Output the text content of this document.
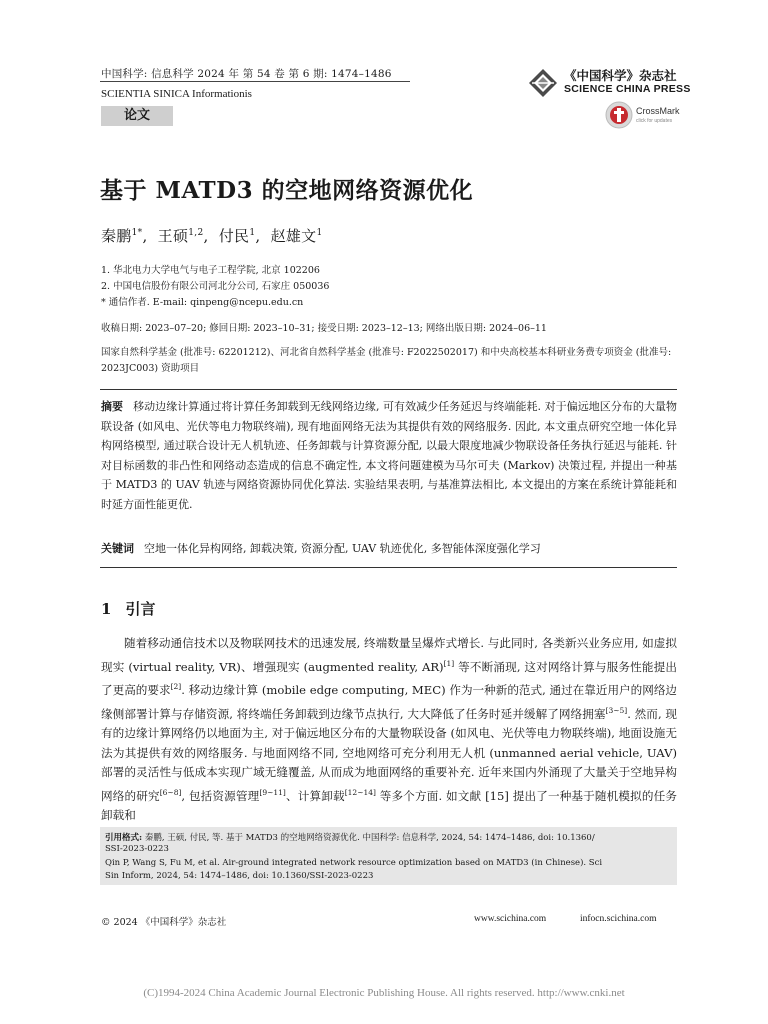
中国科学: 信息科学 2024 年 第 54 卷 第 6 期: 1474–1486
SCIENTIA SINICA Informationis
论文
《中国科学》杂志社
SCIENCE CHINA PRESS
CrossMark
click for updates
基于 MATD3 的空地网络资源优化
秦鹏$^{1*}$,  王硕$^{1,2}$,  付民$^1$,  赵雄文$^1$
1. 华北电力大学电气与电子工程学院, 北京 102206
2. 中国电信股份有限公司河北分公司, 石家庄 050036
* 通信作者. E-mail: qinpeng@ncepu.edu.cn
收稿日期: 2023–07–20; 修回日期: 2023–10–31; 接受日期: 2023–12–13; 网络出版日期: 2024–06–11
国家自然科学基金 (批准号: 62201212)、河北省自然科学基金 (批准号: F2022502017) 和中央高校基本科研业务费专项资金 (批准号: 2023JC003) 资助项目
摘要 移动边缘计算通过将计算任务卸载到无线网络边缘, 可有效减少任务延迟与终端能耗. 对于偏远地区分布的大量物联设备 (如风电、光伏等电力物联终端), 现有地面网络无法为其提供有效的网络服务. 因此, 本文重点研究空地一体化异构网络模型, 通过联合设计无人机轨迹、任务卸载与计算资源分配, 以最大限度地减少物联设备任务执行延迟与能耗. 针对目标函数的非凸性和网络动态造成的信息不确定性, 本文将问题建模为马尔可夫 (Markov) 决策过程, 并提出一种基于 MATD3 的 UAV 轨迹与网络资源协同优化算法. 实验结果表明, 与基准算法相比, 本文提出的方案在系统计算能耗和时延方面性能更优.
关键词 空地一体化异构网络, 卸载决策, 资源分配, UAV 轨迹优化, 多智能体深度强化学习
1 引言
随着移动通信技术以及物联网技术的迅速发展, 终端数量呈爆炸式增长. 与此同时, 各类新兴业务应用, 如虚拟现实 (virtual reality, VR)、增强现实 (augmented reality, AR)[1] 等不断涌现, 这对网络计算与服务性能提出了更高的要求[2]. 移动边缘计算 (mobile edge computing, MEC) 作为一种新的范式, 通过在靠近用户的网络边缘侧部署计算与存储资源, 将终端任务卸载到边缘节点执行, 大大降低了任务时延并缓解了网络拥塞[3~5]. 然而, 现有的边缘计算网络仍以地面为主, 对于偏远地区分布的大量物联设备 (如风电、光伏等电力物联终端), 地面设施无法为其提供有效的网络服务. 与地面网络不同, 空地网络可充分利用无人机 (unmanned aerial vehicle, UAV) 部署的灵活性与低成本实现广域无缝覆盖, 从而成为地面网络的重要补充. 近年来国内外涌现了大量关于空地异构网络的研究[6~8], 包括资源管理[9~11]、计算卸载[12~14] 等多个方面. 如文献 [15] 提出了一种基于随机模拟的任务卸载和
引用格式: 秦鹏, 王硕, 付民, 等. 基于 MATD3 的空地网络资源优化. 中国科学: 信息科学, 2024, 54: 1474–1486, doi: 10.1360/
SSI-2023-0223
Qin P, Wang S, Fu M, et al. Air-ground integrated network resource optimization based on MATD3 (in Chinese). Sci
Sin Inform, 2024, 54: 1474–1486, doi: 10.1360/SSI-2023-0223
© 2024 《中国科学》杂志社	www.scichina.com	infocn.scichina.com
(C)1994-2024 China Academic Journal Electronic Publishing House. All rights reserved. http://www.cnki.net
